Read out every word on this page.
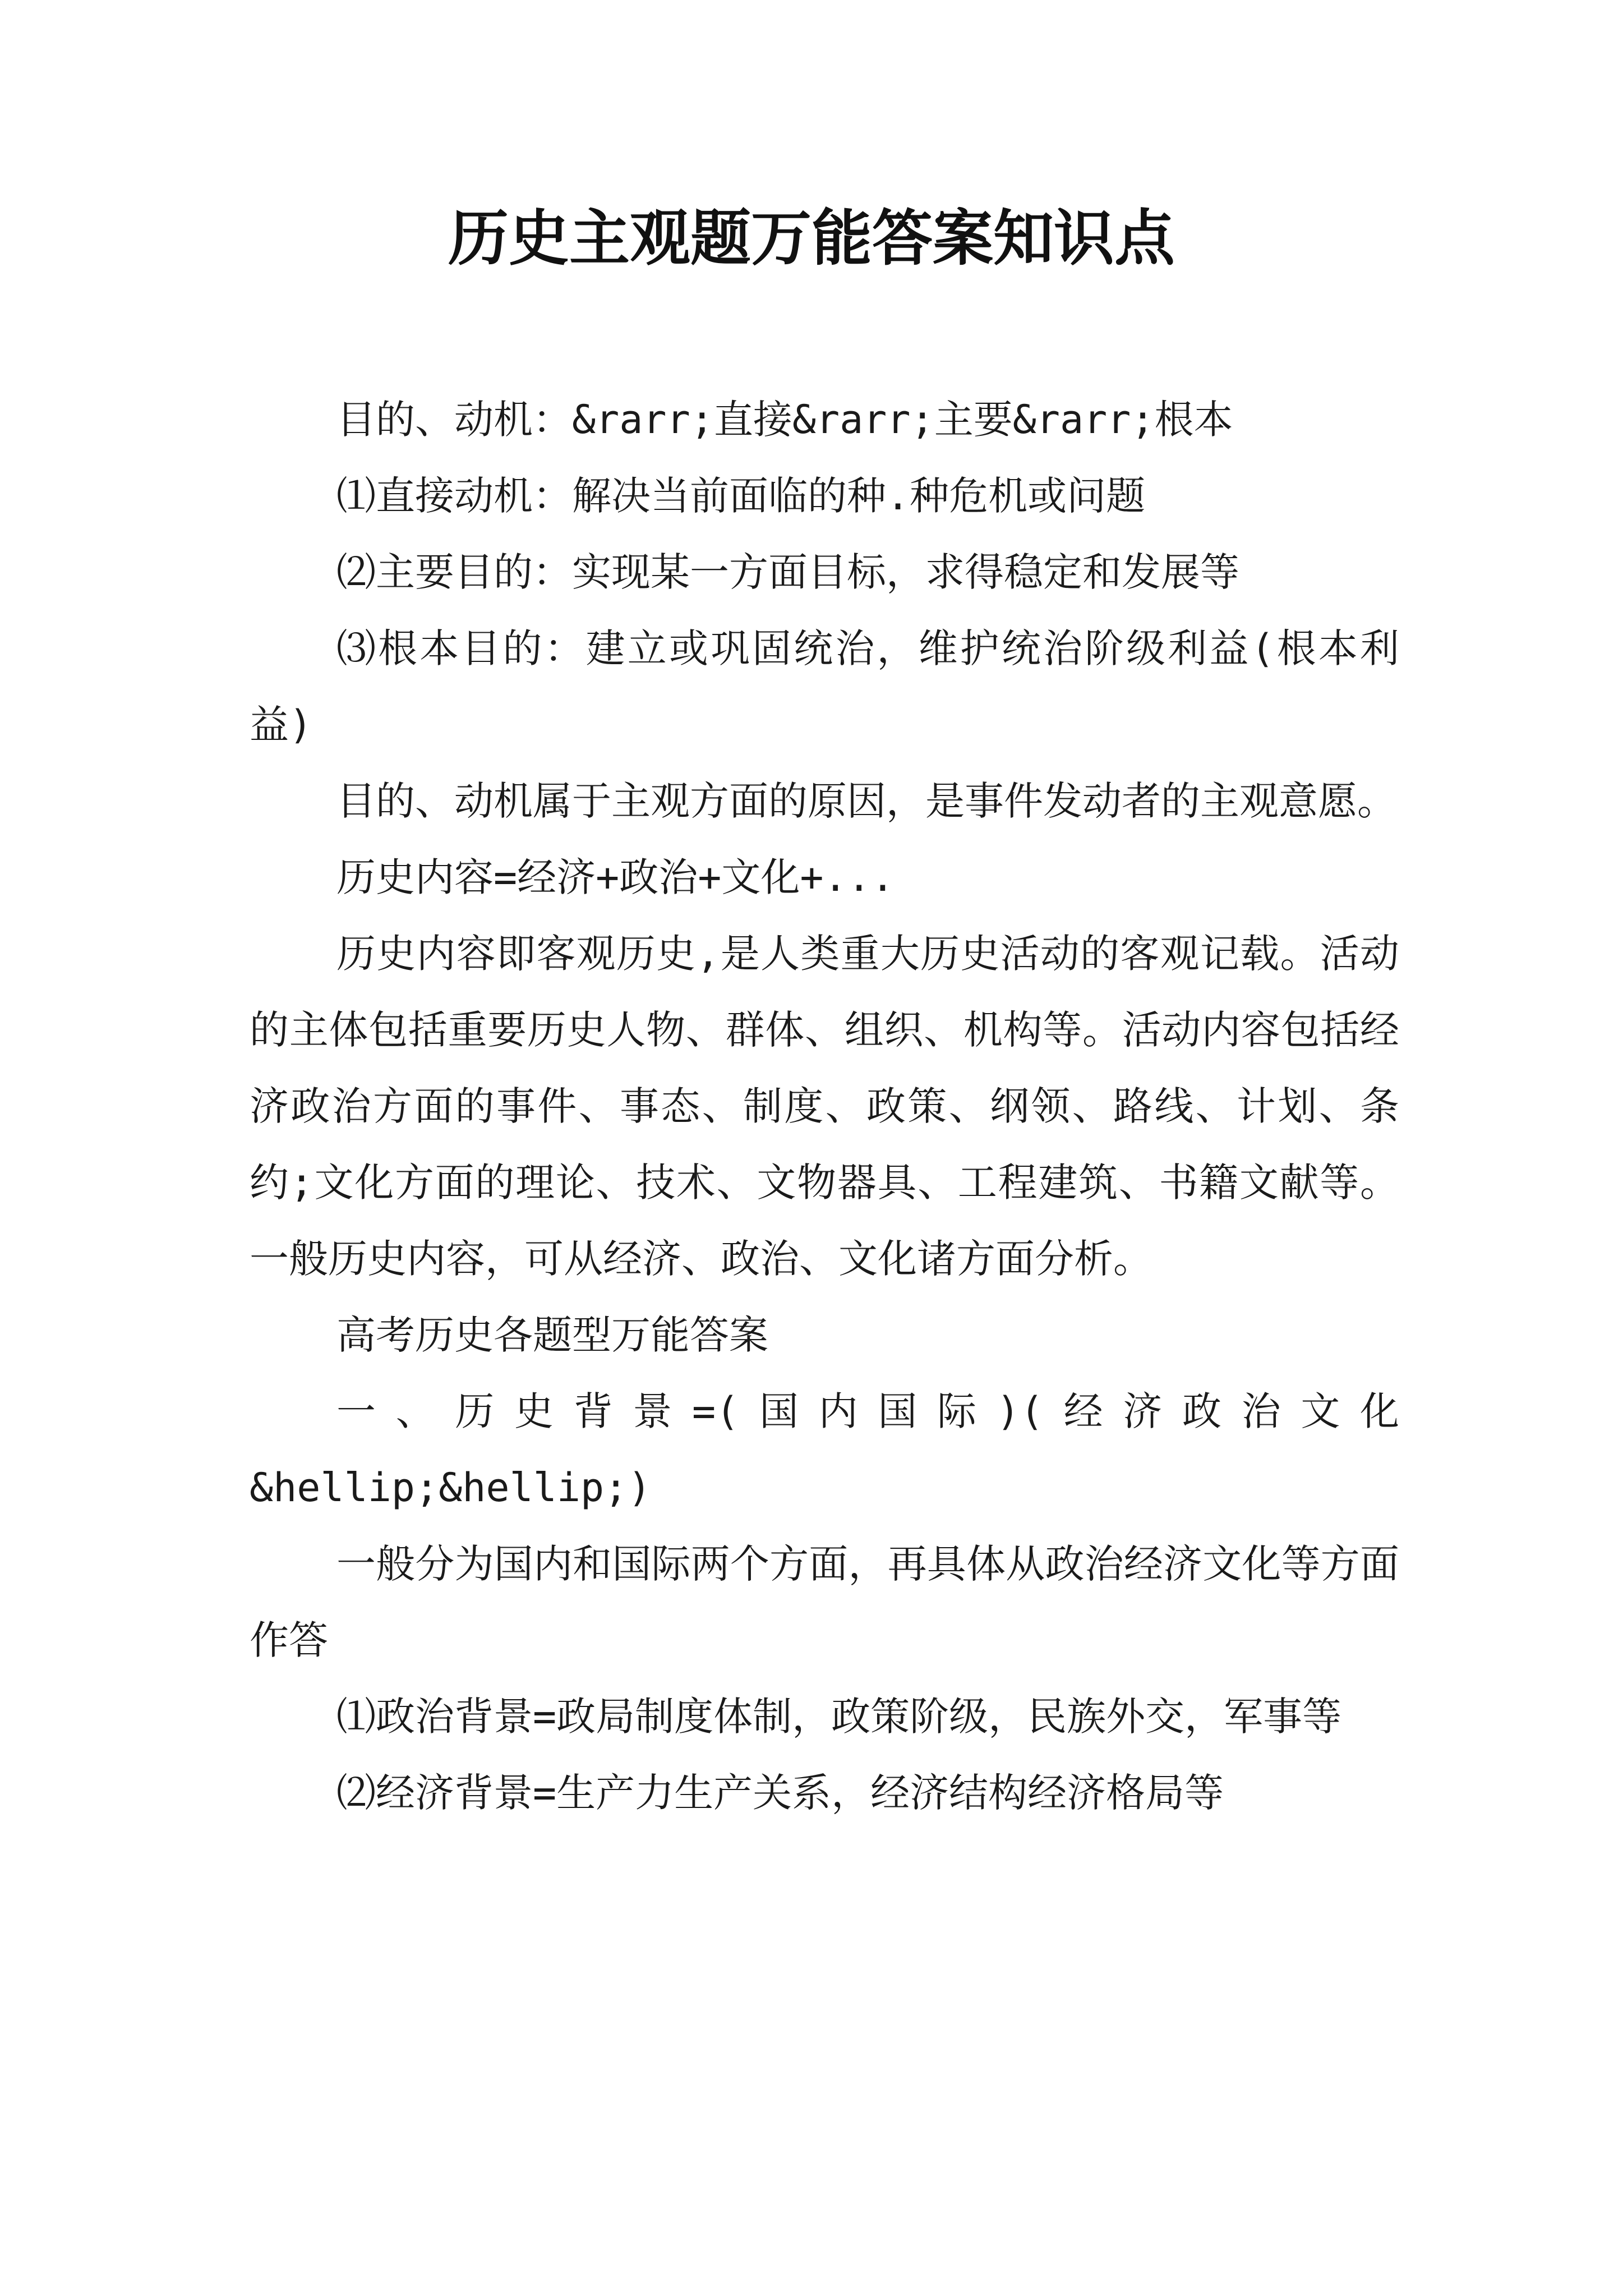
历史主观题万能答案知识点

目的、动机：&rarr;直接&rarr;主要&rarr;根本

⑴直接动机：解决当前面临的种.种危机或问题

⑵主要目的：实现某一方面目标，求得稳定和发展等

⑶根本目的：建立或巩固统治，维护统治阶级利益(根本利益)

目的、动机属于主观方面的原因，是事件发动者的主观意愿。

历史内容=经济+政治+文化+...

历史内容即客观历史,是人类重大历史活动的客观记载。活动的主体包括重要历史人物、群体、组织、机构等。活动内容包括经济政治方面的事件、事态、制度、政策、纲领、路线、计划、条约;文化方面的理论、技术、文物器具、工程建筑、书籍文献等。一般历史内容，可从经济、政治、文化诸方面分析。

高考历史各题型万能答案

一、历史背景=(国内国际)(经济政治文化&hellip;&hellip;)

一般分为国内和国际两个方面，再具体从政治经济文化等方面作答

⑴政治背景=政局制度体制，政策阶级，民族外交，军事等

⑵经济背景=生产力生产关系，经济结构经济格局等
